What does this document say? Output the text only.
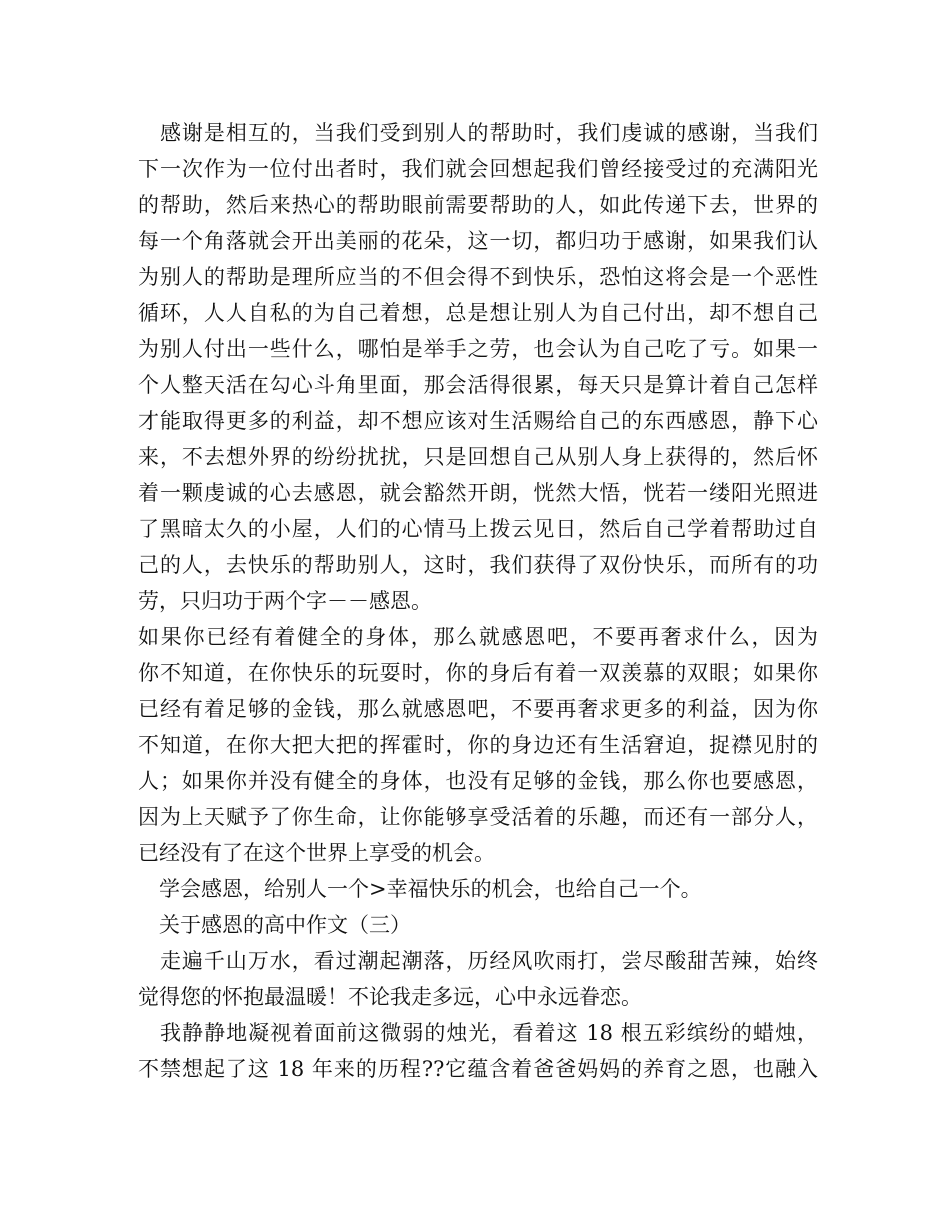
　感谢是相互的，当我们受到别人的帮助时，我们虔诚的感谢，当我们
下一次作为一位付出者时，我们就会回想起我们曾经接受过的充满阳光
的帮助，然后来热心的帮助眼前需要帮助的人，如此传递下去，世界的
每一个角落就会开出美丽的花朵，这一切，都归功于感谢，如果我们认
为别人的帮助是理所应当的不但会得不到快乐，恐怕这将会是一个恶性
循环，人人自私的为自己着想，总是想让别人为自己付出，却不想自己
为别人付出一些什么，哪怕是举手之劳，也会认为自己吃了亏。如果一
个人整天活在勾心斗角里面，那会活得很累，每天只是算计着自己怎样
才能取得更多的利益，却不想应该对生活赐给自己的东西感恩，静下心
来，不去想外界的纷纷扰扰，只是回想自己从别人身上获得的，然后怀
着一颗虔诚的心去感恩，就会豁然开朗，恍然大悟，恍若一缕阳光照进
了黑暗太久的小屋，人们的心情马上拨云见日，然后自己学着帮助过自
己的人，去快乐的帮助别人，这时，我们获得了双份快乐，而所有的功
劳，只归功于两个字－－感恩。
如果你已经有着健全的身体，那么就感恩吧，不要再奢求什么，因为
你不知道，在你快乐的玩耍时，你的身后有着一双羡慕的双眼；如果你
已经有着足够的金钱，那么就感恩吧，不要再奢求更多的利益，因为你
不知道，在你大把大把的挥霍时，你的身边还有生活窘迫，捉襟见肘的
人；如果你并没有健全的身体，也没有足够的金钱，那么你也要感恩，
因为上天赋予了你生命，让你能够享受活着的乐趣，而还有一部分人，
已经没有了在这个世界上享受的机会。
　学会感恩，给别人一个>幸福快乐的机会，也给自己一个。
　关于感恩的高中作文（三）
　走遍千山万水，看过潮起潮落，历经风吹雨打，尝尽酸甜苦辣，始终
觉得您的怀抱最温暖！不论我走多远，心中永远眷恋。
　我静静地凝视着面前这微弱的烛光，看着这 18 根五彩缤纷的蜡烛，
不禁想起了这 18 年来的历程??它蕴含着爸爸妈妈的养育之恩，也融入
